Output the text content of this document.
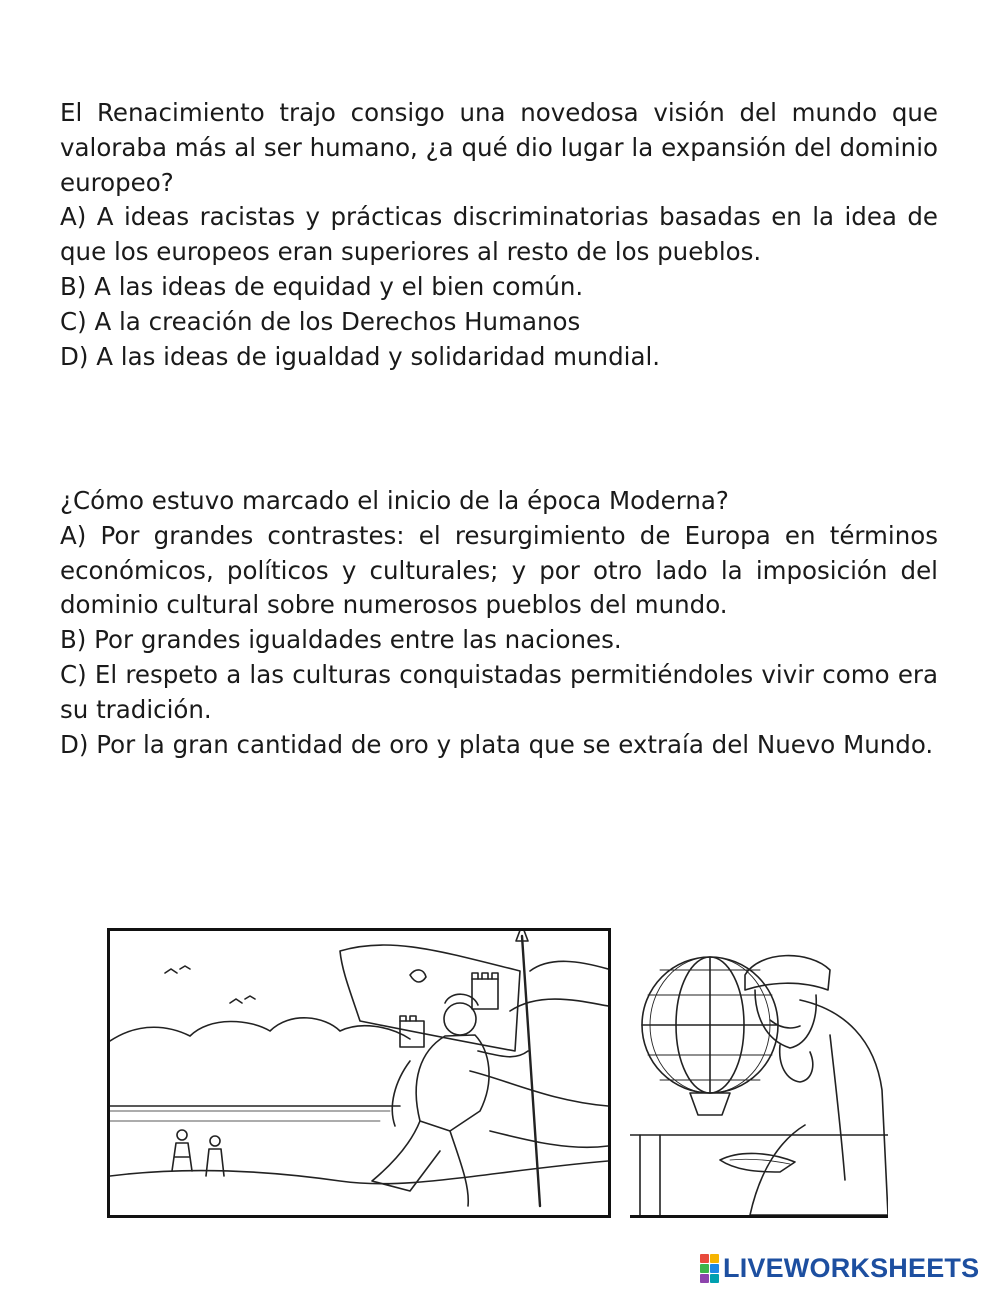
El Renacimiento trajo consigo una novedosa visión del mundo que valoraba más al ser humano, ¿a qué dio lugar la expansión del dominio europeo?

A) A ideas racistas y prácticas discriminatorias basadas en la idea de que los europeos eran superiores al resto de los pueblos.

B) A las ideas de equidad y el bien común.

C) A la creación de los Derechos Humanos

D) A las ideas de igualdad y solidaridad mundial.

¿Cómo estuvo marcado el inicio de la época Moderna?

A) Por grandes contrastes: el resurgimiento de Europa en términos económicos, políticos y culturales; y por otro lado la imposición del dominio cultural sobre numerosos pueblos del mundo.

B) Por grandes igualdades entre las naciones.

C) El respeto a las culturas conquistadas permitiéndoles vivir como era su tradición.

D) Por la gran cantidad de oro y plata que se extraía del Nuevo Mundo.

LIVEWORKSHEETS
